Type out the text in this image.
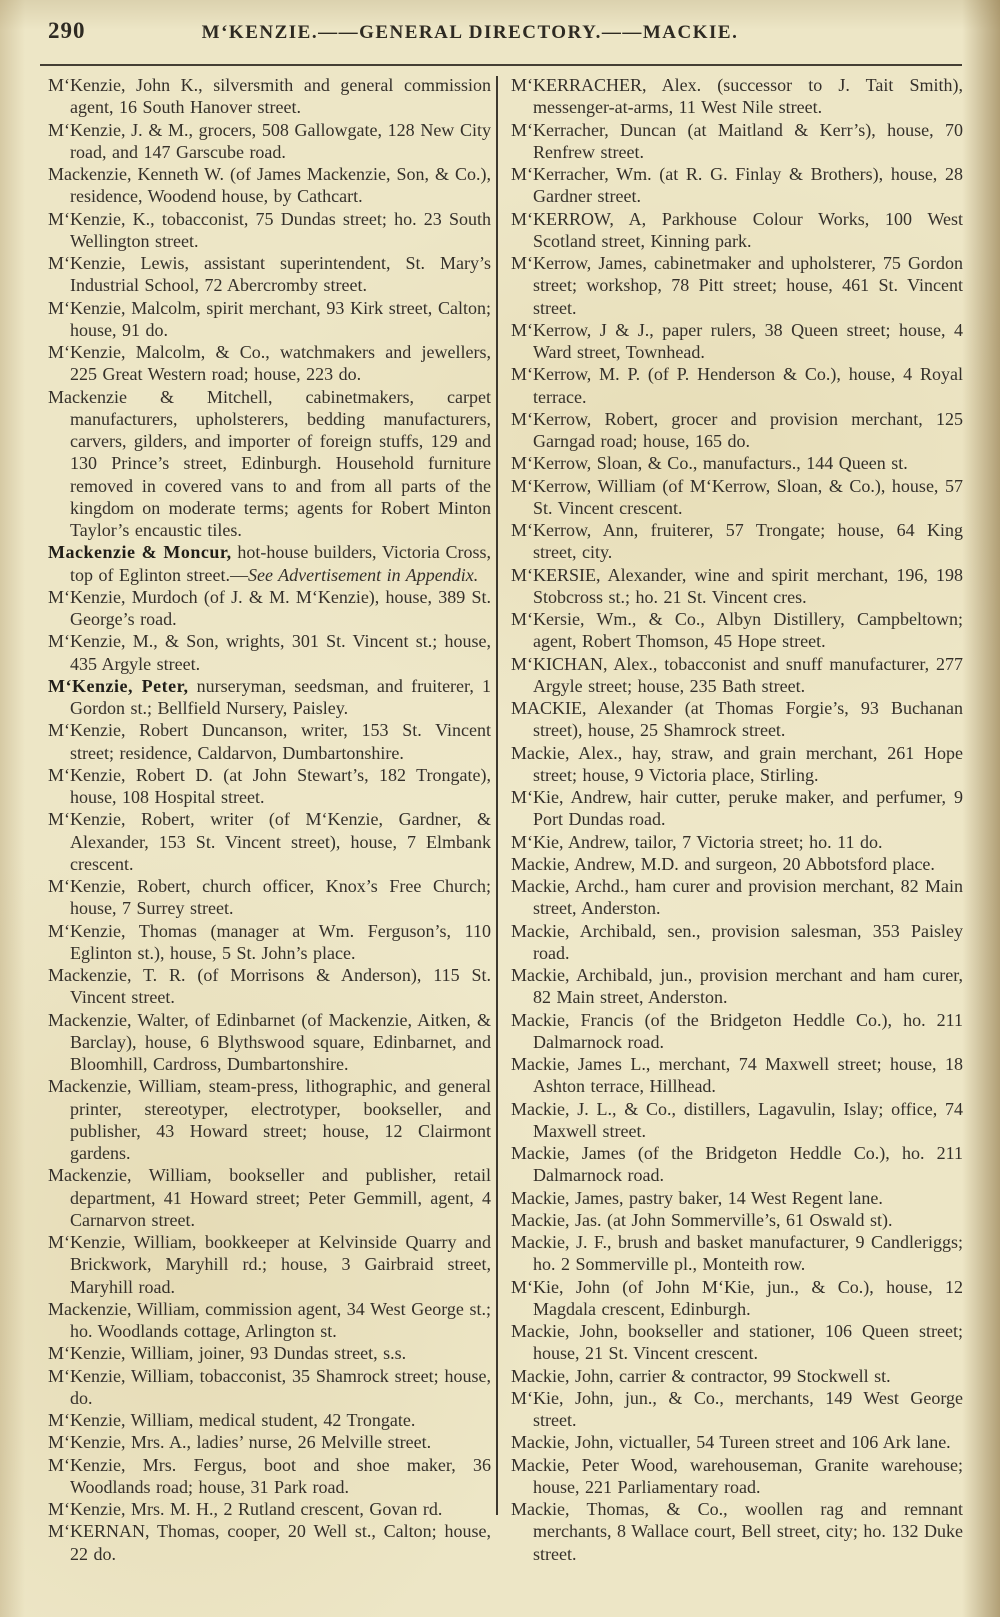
290	M‘KENZIE.——GENERAL DIRECTORY.——MACKIE.

M‘Kenzie, John K., silversmith and general commission agent, 16 South Hanover street.

M‘Kenzie, J. & M., grocers, 508 Gallowgate, 128 New City road, and 147 Garscube road.

Mackenzie, Kenneth W. (of James Mackenzie, Son, & Co.), residence, Woodend house, by Cathcart.

M‘Kenzie, K., tobacconist, 75 Dundas street; ho. 23 South Wellington street.

M‘Kenzie, Lewis, assistant superintendent, St. Mary’s Industrial School, 72 Abercromby street.

M‘Kenzie, Malcolm, spirit merchant, 93 Kirk street, Calton; house, 91 do.

M‘Kenzie, Malcolm, & Co., watchmakers and jewellers, 225 Great Western road; house, 223 do.

Mackenzie & Mitchell, cabinetmakers, carpet manufacturers, upholsterers, bedding manufacturers, carvers, gilders, and importer of foreign stuffs, 129 and 130 Prince’s street, Edinburgh. Household furniture removed in covered vans to and from all parts of the kingdom on moderate terms; agents for Robert Minton Taylor’s encaustic tiles.

Mackenzie & Moncur, hot-house builders, Victoria Cross, top of Eglinton street.—See Advertisement in Appendix.

M‘Kenzie, Murdoch (of J. & M. M‘Kenzie), house, 389 St. George’s road.

M‘Kenzie, M., & Son, wrights, 301 St. Vincent st.; house, 435 Argyle street.

M‘Kenzie, Peter, nurseryman, seedsman, and fruiterer, 1 Gordon st.; Bellfield Nursery, Paisley.

M‘Kenzie, Robert Duncanson, writer, 153 St. Vincent street; residence, Caldarvon, Dumbartonshire.

M‘Kenzie, Robert D. (at John Stewart’s, 182 Trongate), house, 108 Hospital street.

M‘Kenzie, Robert, writer (of M‘Kenzie, Gardner, & Alexander, 153 St. Vincent street), house, 7 Elmbank crescent.

M‘Kenzie, Robert, church officer, Knox’s Free Church; house, 7 Surrey street.

M‘Kenzie, Thomas (manager at Wm. Ferguson’s, 110 Eglinton st.), house, 5 St. John’s place.

Mackenzie, T. R. (of Morrisons & Anderson), 115 St. Vincent street.

Mackenzie, Walter, of Edinbarnet (of Mackenzie, Aitken, & Barclay), house, 6 Blythswood square, Edinbarnet, and Bloomhill, Cardross, Dumbartonshire.

Mackenzie, William, steam-press, lithographic, and general printer, stereotyper, electrotyper, bookseller, and publisher, 43 Howard street; house, 12 Clairmont gardens.

Mackenzie, William, bookseller and publisher, retail department, 41 Howard street; Peter Gemmill, agent, 4 Carnarvon street.

M‘Kenzie, William, bookkeeper at Kelvinside Quarry and Brickwork, Maryhill rd.; house, 3 Gairbraid street, Maryhill road.

Mackenzie, William, commission agent, 34 West George st.; ho. Woodlands cottage, Arlington st.

M‘Kenzie, William, joiner, 93 Dundas street, s.s.

M‘Kenzie, William, tobacconist, 35 Shamrock street; house, do.

M‘Kenzie, William, medical student, 42 Trongate.

M‘Kenzie, Mrs. A., ladies’ nurse, 26 Melville street.

M‘Kenzie, Mrs. Fergus, boot and shoe maker, 36 Woodlands road; house, 31 Park road.

M‘Kenzie, Mrs. M. H., 2 Rutland crescent, Govan rd.

M‘KERNAN, Thomas, cooper, 20 Well st., Calton; house, 22 do.

M‘KERRACHER, Alex. (successor to J. Tait Smith), messenger-at-arms, 11 West Nile street.

M‘Kerracher, Duncan (at Maitland & Kerr’s), house, 70 Renfrew street.

M‘Kerracher, Wm. (at R. G. Finlay & Brothers), house, 28 Gardner street.

M‘KERROW, A, Parkhouse Colour Works, 100 West Scotland street, Kinning park.

M‘Kerrow, James, cabinetmaker and upholsterer, 75 Gordon street; workshop, 78 Pitt street; house, 461 St. Vincent street.

M‘Kerrow, J & J., paper rulers, 38 Queen street; house, 4 Ward street, Townhead.

M‘Kerrow, M. P. (of P. Henderson & Co.), house, 4 Royal terrace.

M‘Kerrow, Robert, grocer and provision merchant, 125 Garngad road; house, 165 do.

M‘Kerrow, Sloan, & Co., manufacturs., 144 Queen st.

M‘Kerrow, William (of M‘Kerrow, Sloan, & Co.), house, 57 St. Vincent crescent.

M‘Kerrow, Ann, fruiterer, 57 Trongate; house, 64 King street, city.

M‘KERSIE, Alexander, wine and spirit merchant, 196, 198 Stobcross st.; ho. 21 St. Vincent cres.

M‘Kersie, Wm., & Co., Albyn Distillery, Campbeltown; agent, Robert Thomson, 45 Hope street.

M‘KICHAN, Alex., tobacconist and snuff manufacturer, 277 Argyle street; house, 235 Bath street.

MACKIE, Alexander (at Thomas Forgie’s, 93 Buchanan street), house, 25 Shamrock street.

Mackie, Alex., hay, straw, and grain merchant, 261 Hope street; house, 9 Victoria place, Stirling.

M‘Kie, Andrew, hair cutter, peruke maker, and perfumer, 9 Port Dundas road.

M‘Kie, Andrew, tailor, 7 Victoria street; ho. 11 do.

Mackie, Andrew, M.D. and surgeon, 20 Abbotsford place.

Mackie, Archd., ham curer and provision merchant, 82 Main street, Anderston.

Mackie, Archibald, sen., provision salesman, 353 Paisley road.

Mackie, Archibald, jun., provision merchant and ham curer, 82 Main street, Anderston.

Mackie, Francis (of the Bridgeton Heddle Co.), ho. 211 Dalmarnock road.

Mackie, James L., merchant, 74 Maxwell street; house, 18 Ashton terrace, Hillhead.

Mackie, J. L., & Co., distillers, Lagavulin, Islay; office, 74 Maxwell street.

Mackie, James (of the Bridgeton Heddle Co.), ho. 211 Dalmarnock road.

Mackie, James, pastry baker, 14 West Regent lane.

Mackie, Jas. (at John Sommerville’s, 61 Oswald st).

Mackie, J. F., brush and basket manufacturer, 9 Candleriggs; ho. 2 Sommerville pl., Monteith row.

M‘Kie, John (of John M‘Kie, jun., & Co.), house, 12 Magdala crescent, Edinburgh.

Mackie, John, bookseller and stationer, 106 Queen street; house, 21 St. Vincent crescent.

Mackie, John, carrier & contractor, 99 Stockwell st.

M‘Kie, John, jun., & Co., merchants, 149 West George street.

Mackie, John, victualler, 54 Tureen street and 106 Ark lane.

Mackie, Peter Wood, warehouseman, Granite warehouse; house, 221 Parliamentary road.

Mackie, Thomas, & Co., woollen rag and remnant merchants, 8 Wallace court, Bell street, city; ho. 132 Duke street.
